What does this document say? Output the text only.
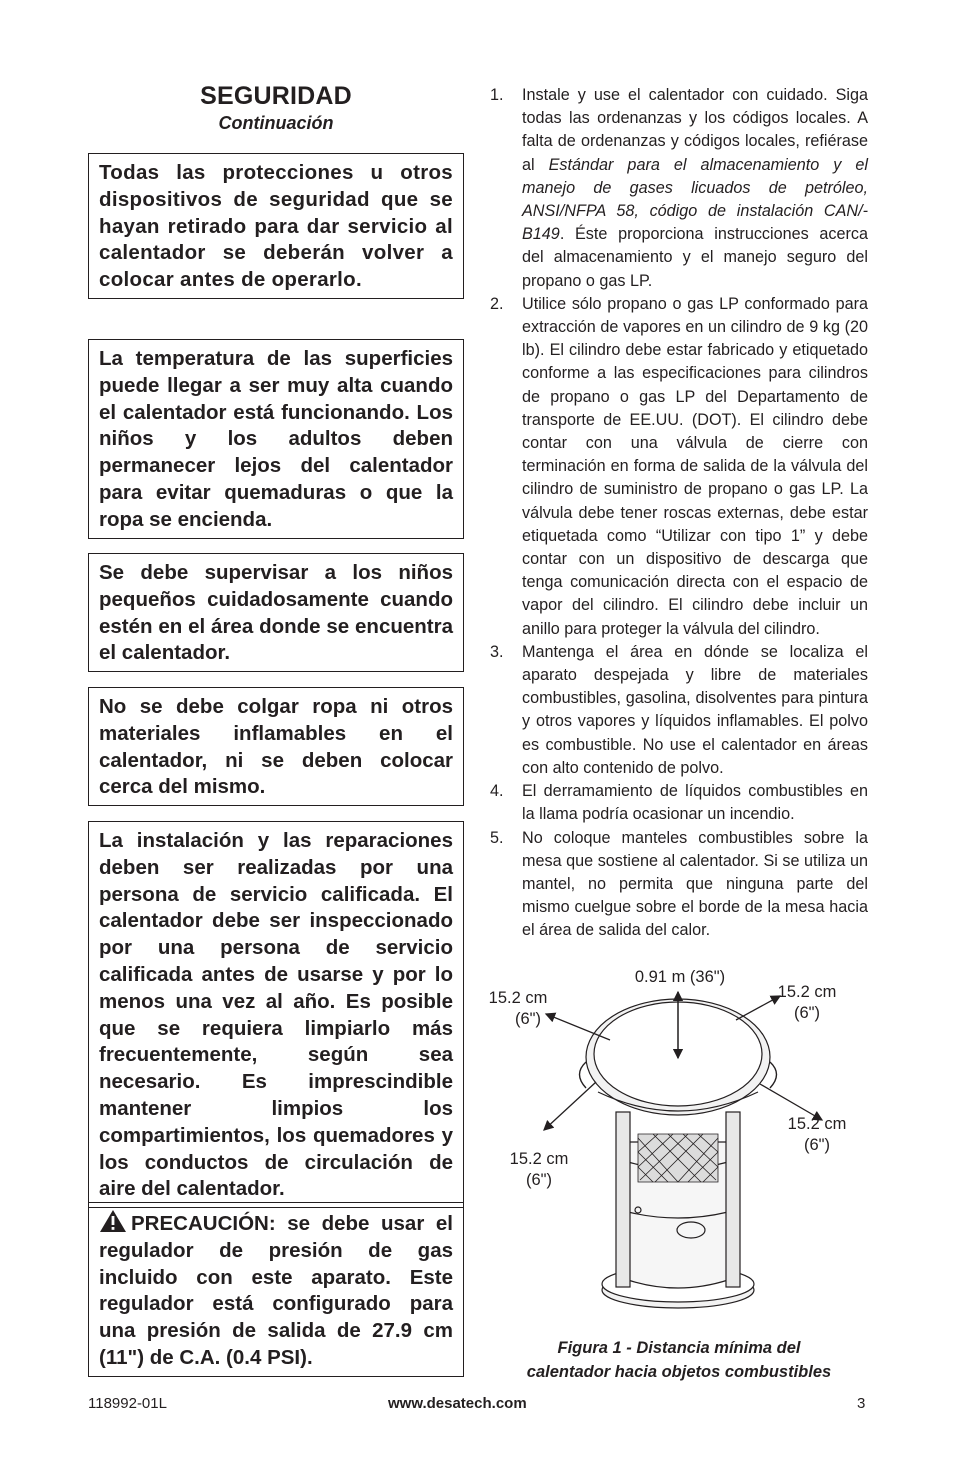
SEGURIDAD

Continuación

Todas las protecciones u otros dispositivos de seguridad que se hayan retirado para dar servicio al calentador se deberán volver a colocar antes de operarlo.
La temperatura de las superficies puede llegar a ser muy alta cuando el calentador está funcionando. Los niños y los adultos deben permanecer lejos del calentador para evitar quemaduras o que la ropa se encienda.
Se debe supervisar a los niños pequeños cuidadosamente cuando estén en el área donde se encuentra el calentador.
No se debe colgar ropa ni otros materiales inflamables en el calentador, ni se deben colocar cerca del mismo.
La instalación y las reparaciones deben ser realizadas por una persona de servicio calificada. El calentador debe ser inspeccionado por una persona de servicio calificada antes de usarse y por lo menos una vez al año. Es posible que se requiera limpiarlo más frecuentemente, según sea necesario. Es imprescindible mantener limpios los compartimientos, los quemadores y los conductos de circulación de aire del calentador.
PRECAUCIÓN: se debe usar el regulador de presión de gas incluido con este aparato. Este regulador está configurado para una presión de salida de 27.9 cm (11") de C.A. (0.4 PSI).
1. Instale y use el calentador con cuidado. Siga todas las ordenanzas y los códigos locales. A falta de ordenanzas y códigos locales, refiérase al Estándar para el almacenamiento y el manejo de gases licuados de petróleo, ANSI/NFPA 58, código de instalación CAN/-B149. Éste proporciona instrucciones acerca del almacenamiento y el manejo seguro del propano o gas LP.
2. Utilice sólo propano o gas LP conformado para extracción de vapores en un cilindro de 9 kg (20 lb). El cilindro debe estar fabricado y etiquetado conforme a las especificaciones para cilindros de propano o gas LP del Departamento de transporte de EE.UU. (DOT). El cilindro debe contar con una válvula de cierre con terminación en forma de salida de la válvula del cilindro de suministro de propano o gas LP. La válvula debe tener roscas externas, debe estar etiquetada como “Utilizar con tipo 1” y debe contar con un dispositivo de descarga que tenga comunicación directa con el espacio de vapor del cilindro. El cilindro debe incluir un anillo para proteger la válvula del cilindro.
3. Mantenga el área en dónde se localiza el aparato despejada y libre de materiales combustibles, gasolina, disolventes para pintura y otros vapores y líquidos inflamables. El polvo es combustible. No use el calentador en áreas con alto contenido de polvo.
4. El derramamiento de líquidos combustibles en la llama podría ocasionar un incendio.
5. No coloque manteles combustibles sobre la mesa que sostiene al calentador. Si se utiliza un mantel, no permita que ninguna parte del mismo cuelgue sobre el borde de la mesa hacia el área de salida del calor.
0.91 m (36")
15.2 cm
(6")
15.2 cm
(6")
15.2 cm
(6")
15.2 cm
(6")
Figura 1 - Distancia mínima del
calentador hacia objetos combustibles
118992-01L	www.desatech.com	3
